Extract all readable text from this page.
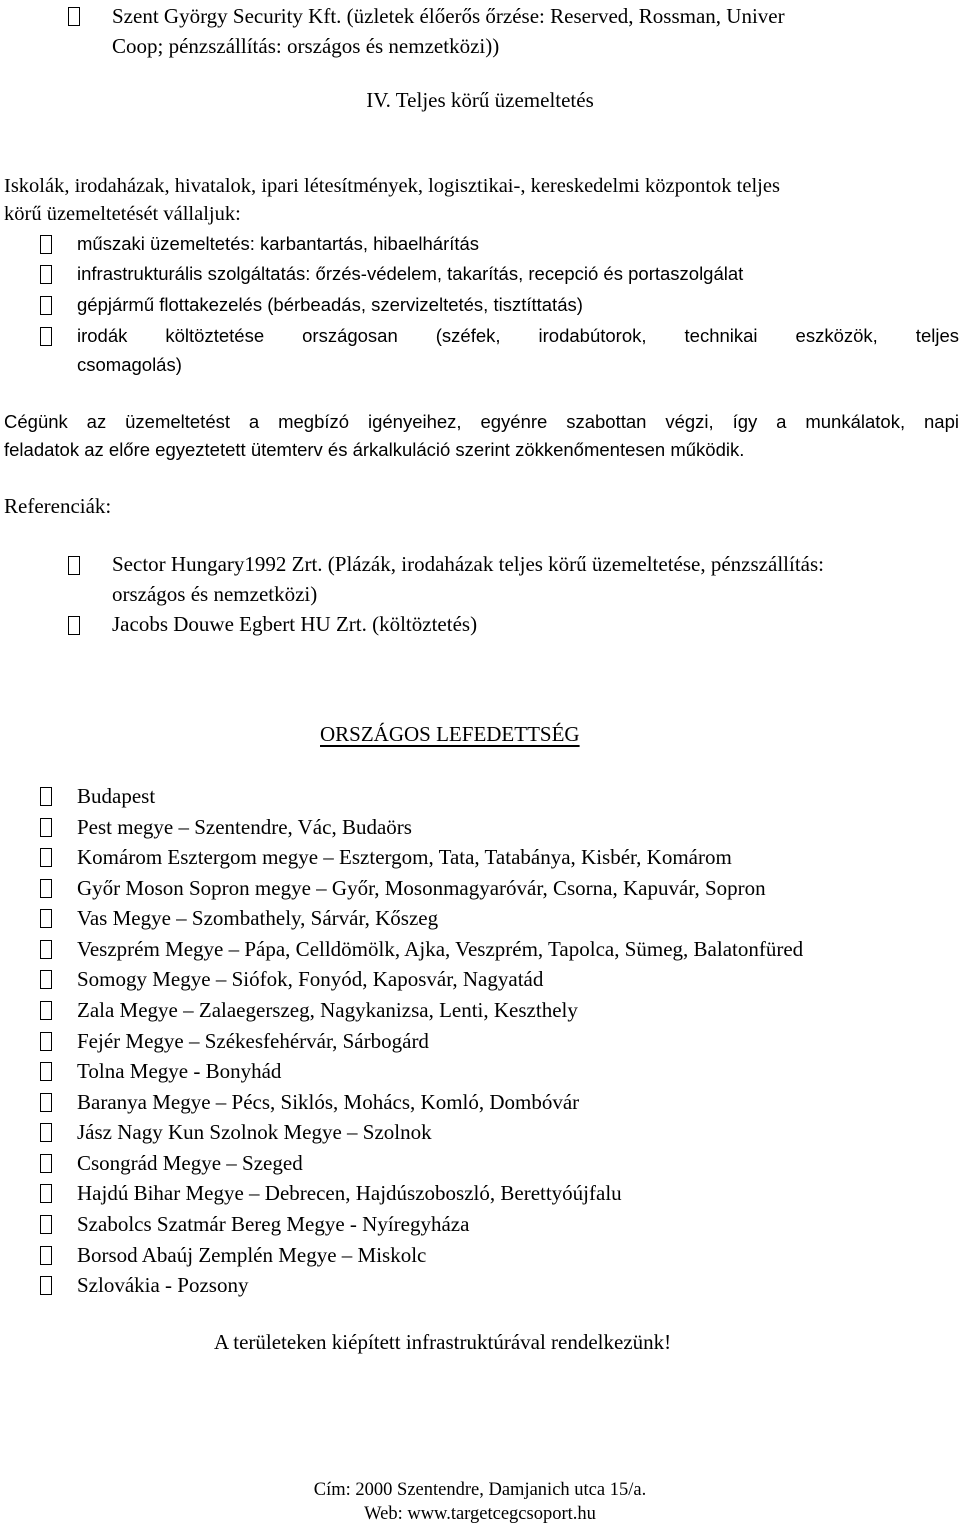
Szent György Security Kft. (üzletek élőerős őrzése: Reserved, Rossman, Univer
Coop; pénzszállítás: országos és nemzetközi))
IV. Teljes körű üzemeltetés
Iskolák, irodaházak, hivatalok, ipari létesítmények, logisztikai-, kereskedelmi központok teljes
körű üzemeltetését vállaljuk:
műszaki üzemeltetés: karbantartás, hibaelhárítás
infrastrukturális szolgáltatás: őrzés-védelem, takarítás, recepció és portaszolgálat
gépjármű flottakezelés (bérbeadás, szervizeltetés, tisztíttatás)
irodák költöztetése országosan (széfek, irodabútorok, technikai eszközök, teljes
csomagolás)
Cégünk az üzemeltetést a megbízó igényeihez, egyénre szabottan végzi, így a munkálatok, napi
feladatok az előre egyeztetett ütemterv és árkalkuláció szerint zökkenőmentesen működik.
Referenciák:
Sector Hungary1992 Zrt. (Plázák, irodaházak teljes körű üzemeltetése, pénzszállítás:
országos és nemzetközi)
Jacobs Douwe Egbert HU Zrt. (költöztetés)
ORSZÁGOS LEFEDETTSÉG
Budapest
Pest megye – Szentendre, Vác, Budaörs
Komárom Esztergom megye – Esztergom, Tata, Tatabánya, Kisbér, Komárom
Győr Moson Sopron megye – Győr, Mosonmagyaróvár, Csorna, Kapuvár, Sopron
Vas Megye – Szombathely, Sárvár, Kőszeg
Veszprém Megye – Pápa, Celldömölk, Ajka, Veszprém, Tapolca, Sümeg, Balatonfüred
Somogy Megye – Siófok, Fonyód, Kaposvár, Nagyatád
Zala Megye – Zalaegerszeg, Nagykanizsa, Lenti, Keszthely
Fejér Megye – Székesfehérvár, Sárbogárd
Tolna Megye - Bonyhád
Baranya Megye – Pécs, Siklós, Mohács, Komló, Dombóvár
Jász Nagy Kun Szolnok Megye – Szolnok
Csongrád Megye – Szeged
Hajdú Bihar Megye – Debrecen, Hajdúszoboszló, Berettyóújfalu
Szabolcs Szatmár Bereg Megye - Nyíregyháza
Borsod Abaúj Zemplén Megye – Miskolc
Szlovákia - Pozsony
A területeken kiépített infrastruktúrával rendelkezünk!
Cím: 2000 Szentendre, Damjanich utca 15/a.
Web: www.targetcegcsoport.hu
